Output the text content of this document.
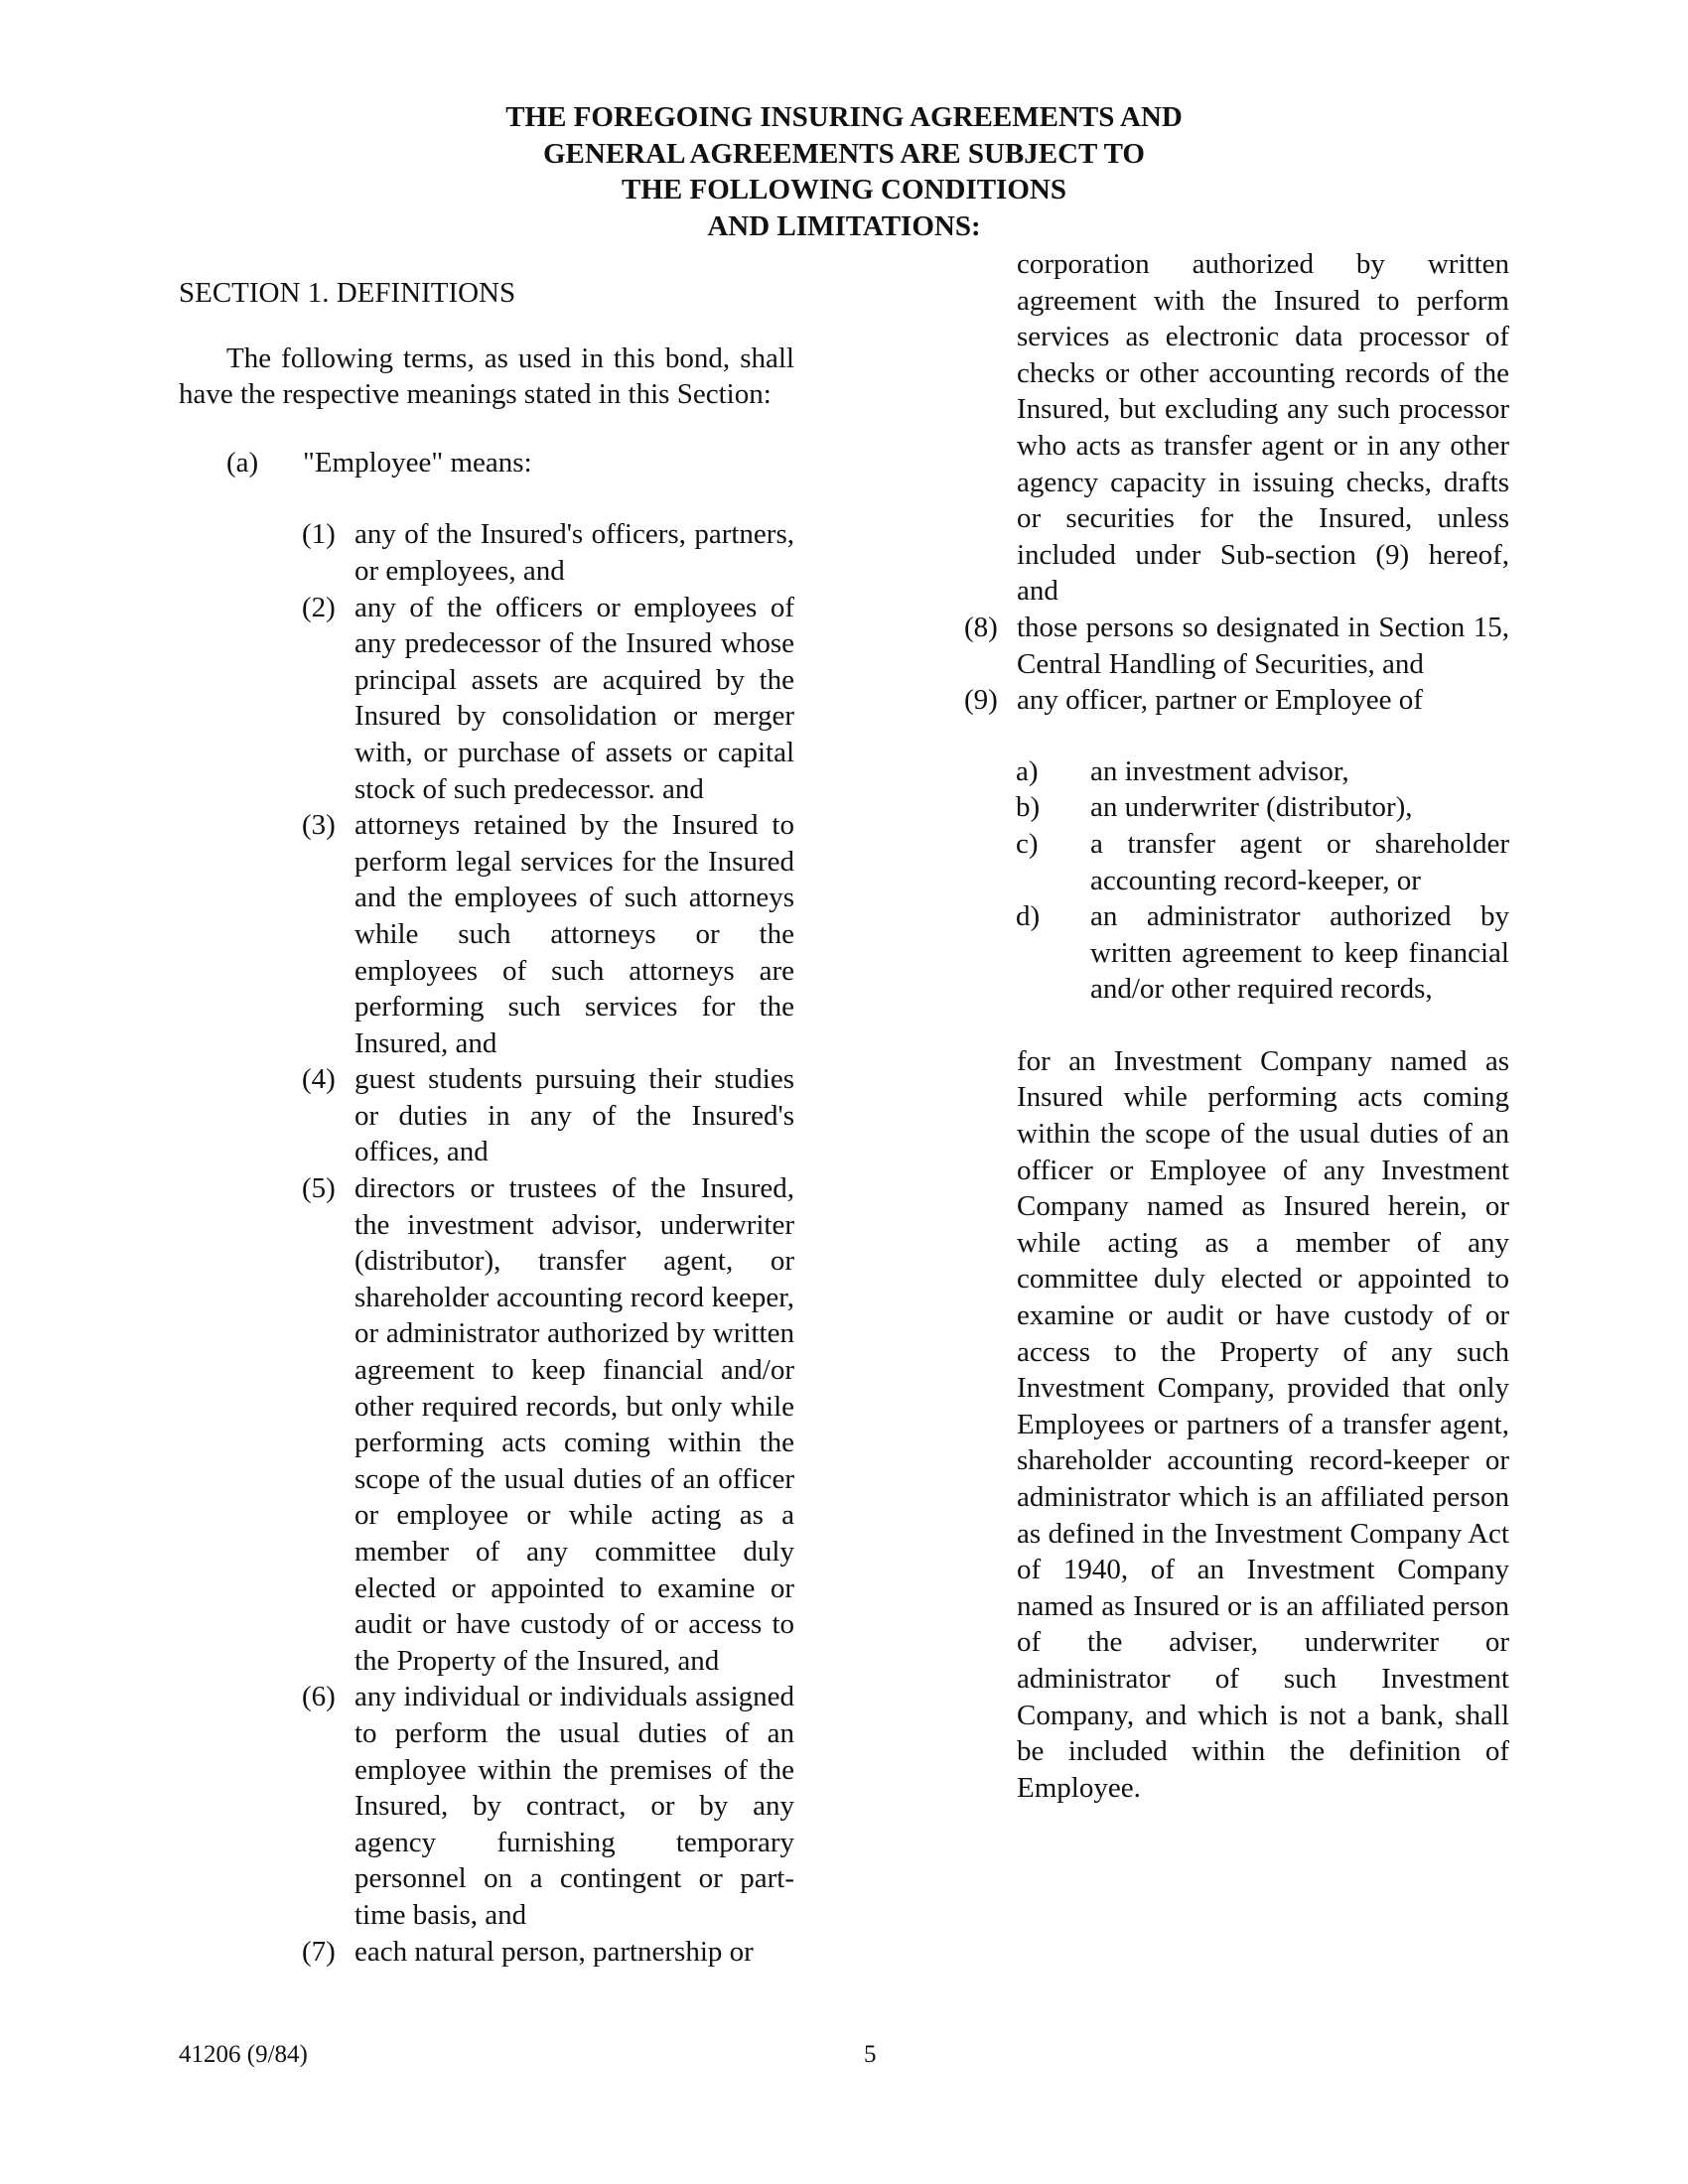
THE FOREGOING INSURING AGREEMENTS AND
GENERAL AGREEMENTS ARE SUBJECT TO
THE FOLLOWING CONDITIONS
AND LIMITATIONS:
SECTION 1. DEFINITIONS

The following terms, as used in this bond, shall have the respective meanings stated in this Section:

(a) "Employee" means:
(1) any of the Insured's officers, partners, or employees, and
(2) any of the officers or employees of any predecessor of the Insured whose principal assets are acquired by the Insured by consolidation or merger with, or purchase of assets or capital stock of such predecessor. and
(3) attorneys retained by the Insured to perform legal services for the Insured and the employees of such attorneys while such attorneys or the employees of such attorneys are performing such services for the Insured, and
(4) guest students pursuing their studies or duties in any of the Insured's offices, and
(5) directors or trustees of the Insured, the investment advisor, underwriter (distributor), transfer agent, or shareholder accounting record keeper, or administrator authorized by written agreement to keep financial and/or other required records, but only while performing acts coming within the scope of the usual duties of an officer or employee or while acting as a member of any committee duly elected or appointed to examine or audit or have custody of or access to the Property of the Insured, and
(6) any individual or individuals assigned to perform the usual duties of an employee within the premises of the Insured, by contract, or by any agency furnishing temporary personnel on a contingent or part-time basis, and
(7) each natural person, partnership or

corporation authorized by written agreement with the Insured to perform services as electronic data processor of checks or other accounting records of the Insured, but excluding any such processor who acts as transfer agent or in any other agency capacity in issuing checks, drafts or securities for the Insured, unless included under Sub-section (9) hereof, and

(8) those persons so designated in Section 15, Central Handling of Securities, and
(9) any officer, partner or Employee of
a) an investment advisor,
b) an underwriter (distributor),
c) a transfer agent or shareholder accounting record-keeper, or
d) an administrator authorized by written agreement to keep financial and/or other required records,

for an Investment Company named as Insured while performing acts coming within the scope of the usual duties of an officer or Employee of any Investment Company named as Insured herein, or while acting as a member of any committee duly elected or appointed to examine or audit or have custody of or access to the Property of any such Investment Company, provided that only Employees or partners of a transfer agent, shareholder accounting record-keeper or administrator which is an affiliated person as defined in the Investment Company Act of 1940, of an Investment Company named as Insured or is an affiliated person of the adviser, underwriter or administrator of such Investment Company, and which is not a bank, shall be included within the definition of Employee.

41206 (9/84)	5
